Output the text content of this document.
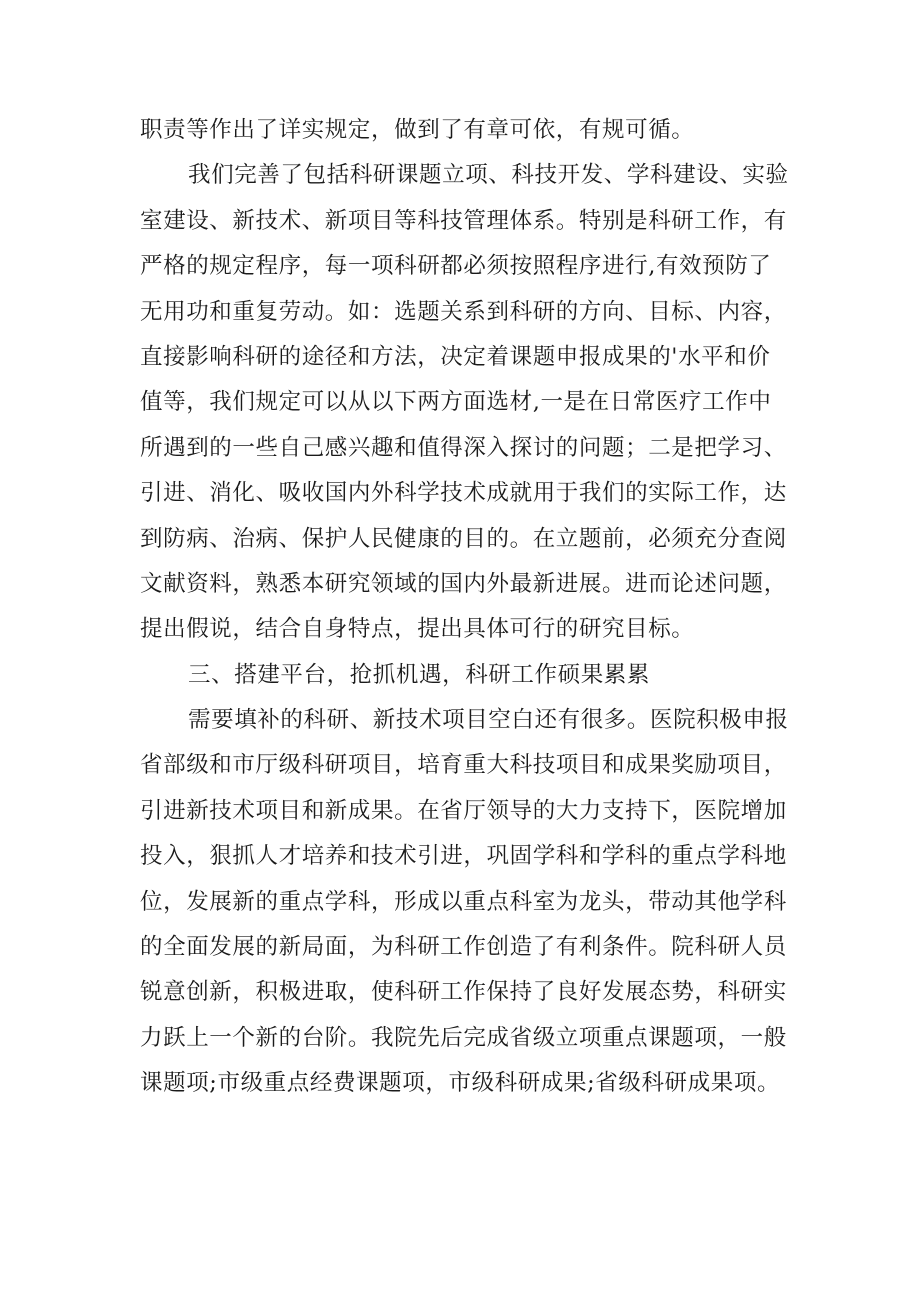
职责等作出了详实规定，做到了有章可依，有规可循。
我们完善了包括科研课题立项、科技开发、学科建设、实验
室建设、新技术、新项目等科技管理体系。特别是科研工作，有
严格的规定程序，每一项科研都必须按照程序进行,有效预防了
无用功和重复劳动。如：选题关系到科研的方向、目标、内容，
直接影响科研的途径和方法，决定着课题申报成果的'水平和价
值等，我们规定可以从以下两方面选材,一是在日常医疗工作中
所遇到的一些自己感兴趣和值得深入探讨的问题；二是把学习、
引进、消化、吸收国内外科学技术成就用于我们的实际工作，达
到防病、治病、保护人民健康的目的。在立题前，必须充分查阅
文献资料，熟悉本研究领域的国内外最新进展。进而论述问题，
提出假说，结合自身特点，提出具体可行的研究目标。
三、搭建平台，抢抓机遇，科研工作硕果累累
需要填补的科研、新技术项目空白还有很多。医院积极申报
省部级和市厅级科研项目，培育重大科技项目和成果奖励项目，
引进新技术项目和新成果。在省厅领导的大力支持下，医院增加
投入，狠抓人才培养和技术引进，巩固学科和学科的重点学科地
位，发展新的重点学科，形成以重点科室为龙头，带动其他学科
的全面发展的新局面，为科研工作创造了有利条件。院科研人员
锐意创新，积极进取，使科研工作保持了良好发展态势，科研实
力跃上一个新的台阶。我院先后完成省级立项重点课题项，一般
课题项;市级重点经费课题项，市级科研成果;省级科研成果项。
